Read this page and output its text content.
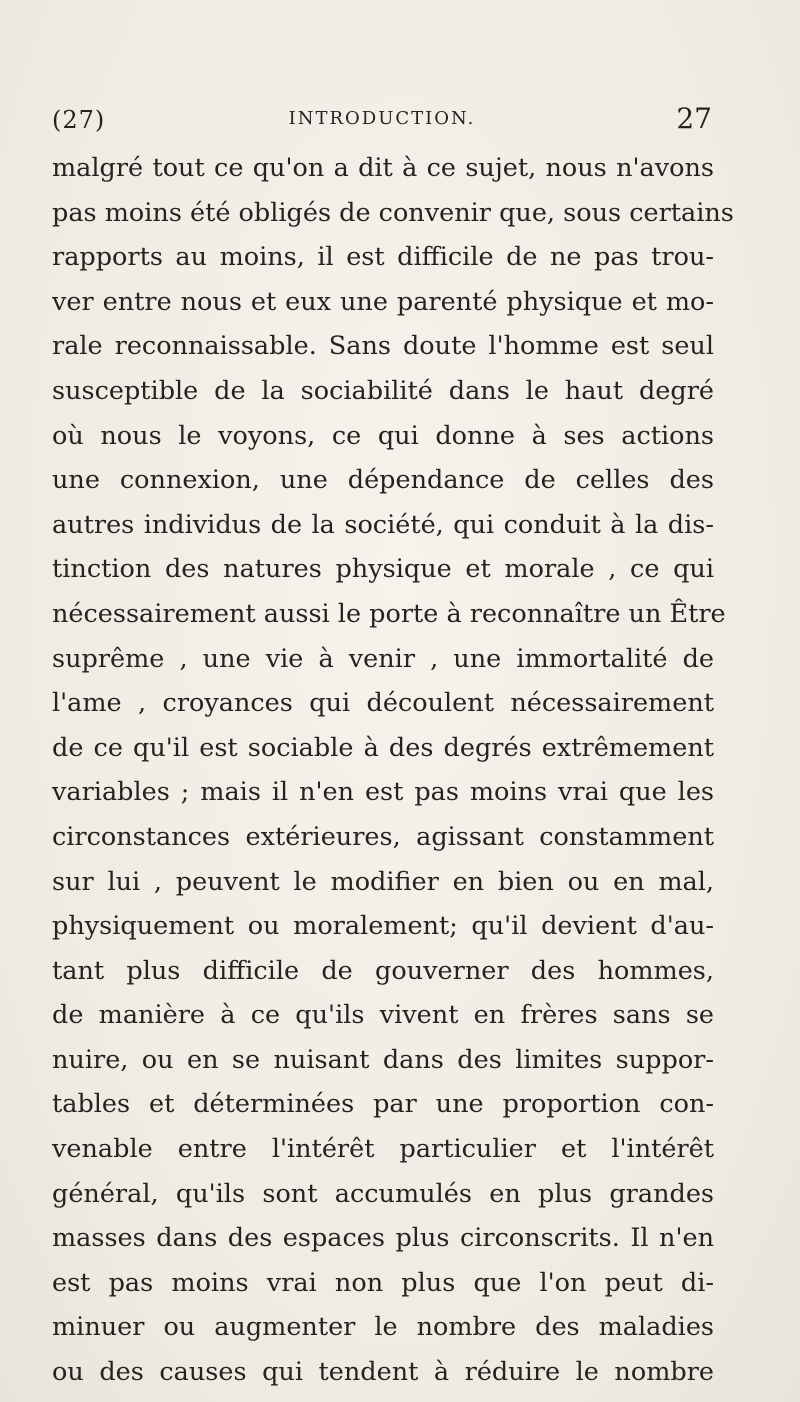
(27)	INTRODUCTION.	27
malgré tout ce qu'on a dit à ce sujet, nous n'avons
pas moins été obligés de convenir que, sous certains
rapports au moins, il est difficile de ne pas trou-
ver entre nous et eux une parenté physique et mo-
rale reconnaissable. Sans doute l'homme est seul
susceptible de la sociabilité dans le haut degré
où nous le voyons, ce qui donne à ses actions
une connexion, une dépendance de celles des
autres individus de la société, qui conduit à la dis-
tinction des natures physique et morale , ce qui
nécessairement aussi le porte à reconnaître un Être
suprême , une vie à venir , une immortalité de
l'ame , croyances qui découlent nécessairement
de ce qu'il est sociable à des degrés extrêmement
variables ; mais il n'en est pas moins vrai que les
circonstances extérieures, agissant constamment
sur lui , peuvent le modifier en bien ou en mal,
physiquement ou moralement; qu'il devient d'au-
tant plus difficile de gouverner des hommes,
de manière à ce qu'ils vivent en frères sans se
nuire, ou en se nuisant dans des limites suppor-
tables et déterminées par une proportion con-
venable entre l'intérêt particulier et l'intérêt
général, qu'ils sont accumulés en plus grandes
masses dans des espaces plus circonscrits. Il n'en
est pas moins vrai non plus que l'on peut di-
minuer ou augmenter le nombre des maladies
ou des causes qui tendent à réduire le nombre
